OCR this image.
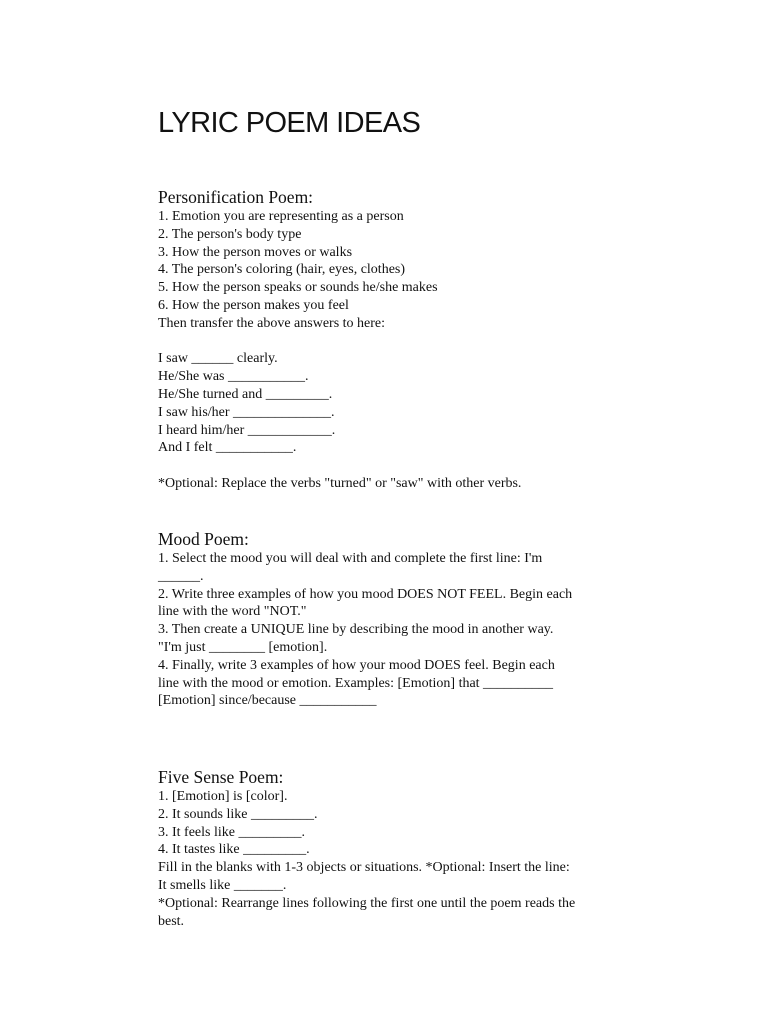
LYRIC POEM IDEAS
Personification Poem:
1. Emotion you are representing as a person
2. The person's body type
3. How the person moves or walks
4. The person's coloring (hair, eyes, clothes)
5. How the person speaks or sounds he/she makes
6. How the person makes you feel
Then transfer the above answers to here:
I saw ______ clearly.
He/She was ___________.
He/She turned and _________.
I saw his/her ______________.
I heard him/her ____________.
And I felt ___________.
*Optional: Replace the verbs "turned" or "saw" with other verbs.
Mood Poem:
1. Select the mood you will deal with and complete the first line: I'm
______.
2. Write three examples of how you mood DOES NOT FEEL. Begin each
line with the word "NOT."
3. Then create a UNIQUE line by describing the mood in another way.
"I'm just ________ [emotion].
4. Finally, write 3 examples of how your mood DOES feel. Begin each
line with the mood or emotion. Examples: [Emotion] that __________
[Emotion] since/because ___________
Five Sense Poem:
1. [Emotion] is [color].
2. It sounds like _________.
3. It feels like _________.
4. It tastes like _________.
Fill in the blanks with 1-3 objects or situations. *Optional: Insert the line:
It smells like _______.
*Optional: Rearrange lines following the first one until the poem reads the
best.
